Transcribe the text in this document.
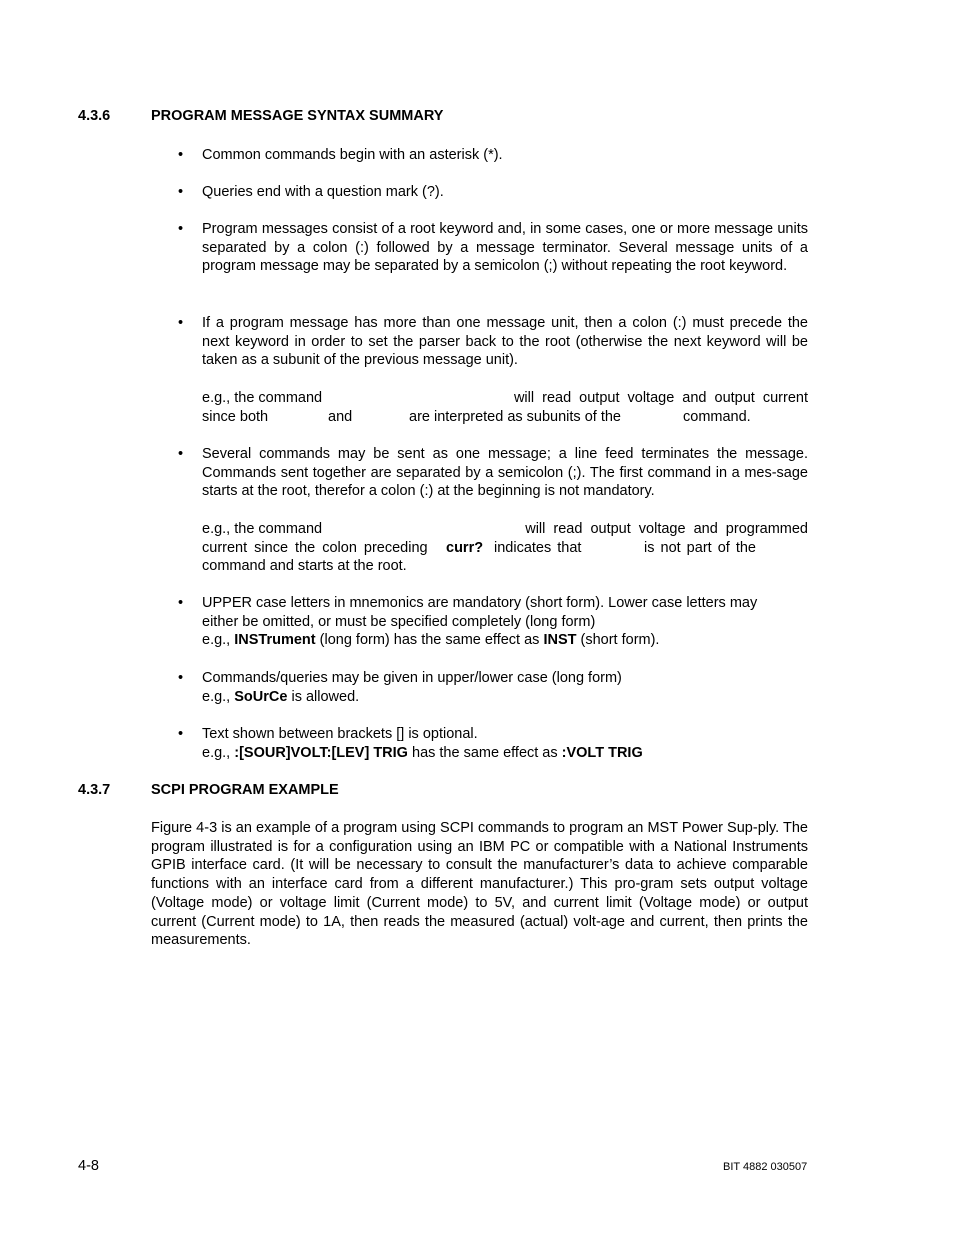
4.3.6	PROGRAM MESSAGE SYNTAX SUMMARY
• Common commands begin with an asterisk (*).
• Queries end with a question mark (?).
• Program messages consist of a root keyword and, in some cases, one or more message units separated by a colon (:) followed by a message terminator. Several message units of a program message may be separated by a semicolon (;) without repeating the root keyword.
• If a program message has more than one message unit, then a colon (:) must precede the next keyword in order to set the parser back to the root (otherwise the next keyword will be taken as a subunit of the previous message unit).
e.g., the command	will read output voltage and output current
since both	and	are interpreted as subunits of the	command.
• Several commands may be sent as one message; a line feed terminates the message. Commands sent together are separated by a semicolon (;). The first command in a mes-sage starts at the root, therefor a colon (:) at the beginning is not mandatory.
e.g., the command	will read output voltage and programmed
current since the colon preceding curr? indicates that	is not part of the
command and starts at the root.
• UPPER case letters in mnemonics are mandatory (short form). Lower case letters may
either be omitted, or must be specified completely (long form)
e.g., INSTrument (long form) has the same effect as INST (short form).
• Commands/queries may be given in upper/lower case (long form)
e.g., SoUrCe is allowed.
• Text shown between brackets [] is optional.
e.g., :[SOUR]VOLT:[LEV] TRIG has the same effect as :VOLT TRIG
4.3.7	SCPI PROGRAM EXAMPLE

Figure 4-3 is an example of a program using SCPI commands to program an MST Power Sup-ply. The program illustrated is for a configuration using an IBM PC or compatible with a National Instruments GPIB interface card. (It will be necessary to consult the manufacturer’s data to achieve comparable functions with an interface card from a different manufacturer.) This pro-gram sets output voltage (Voltage mode) or voltage limit (Current mode) to 5V, and current limit (Voltage mode) or output current (Current mode) to 1A, then reads the measured (actual) volt-age and current, then prints the measurements.

4-8	BIT 4882 030507
